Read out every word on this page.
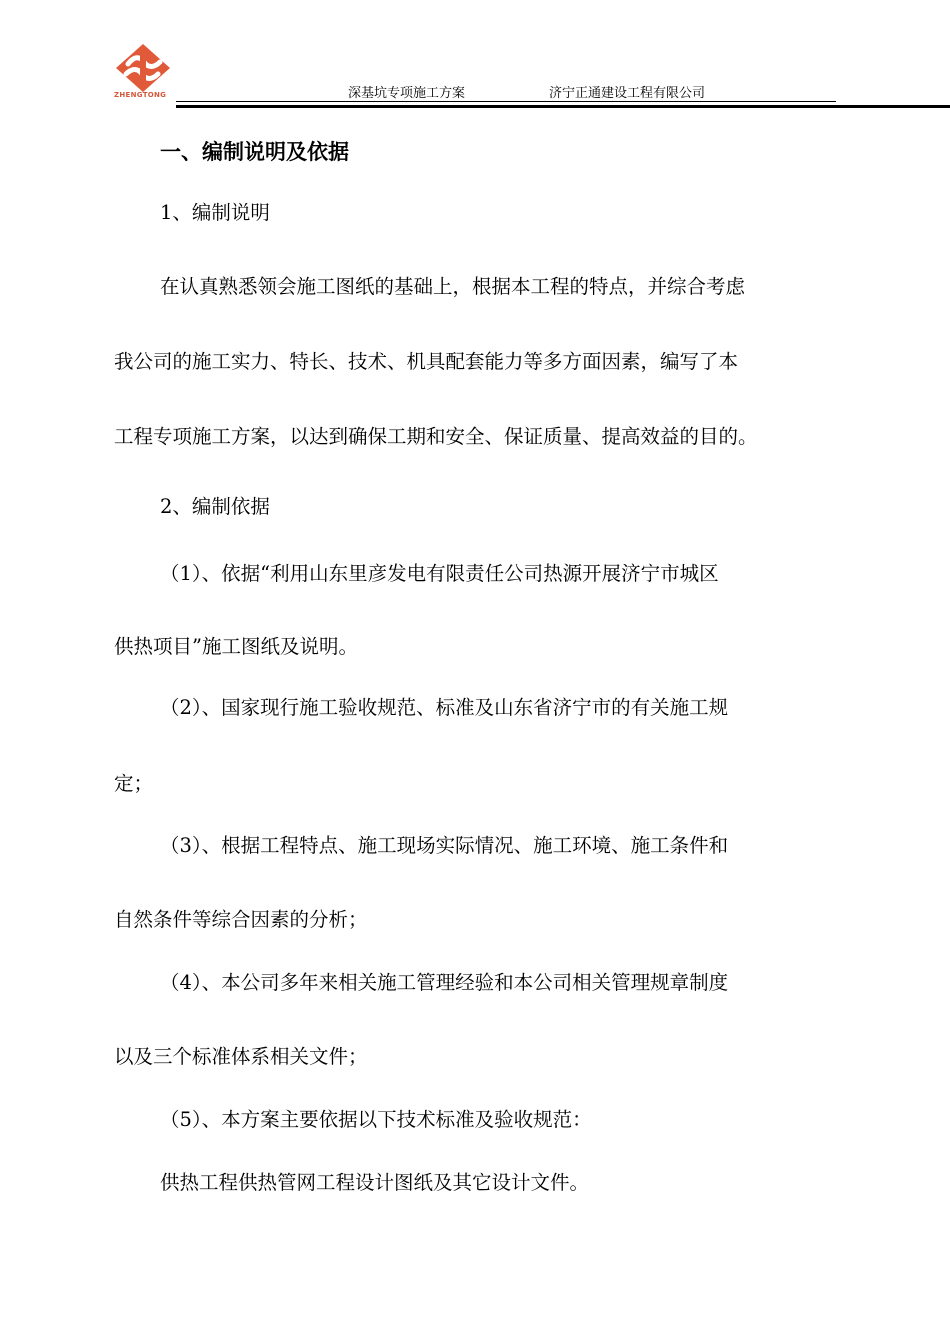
ZHENGTONG	深基坑专项施工方案	济宁正通建设工程有限公司
一、编制说明及依据
1、编制说明
在认真熟悉领会施工图纸的基础上，根据本工程的特点，并综合考虑
我公司的施工实力、特长、技术、机具配套能力等多方面因素，编写了本
工程专项施工方案，以达到确保工期和安全、保证质量、提高效益的目的。
2、编制依据
（1）、依据“利用山东里彦发电有限责任公司热源开展济宁市城区
供热项目”施工图纸及说明。
（2）、国家现行施工验收规范、标准及山东省济宁市的有关施工规
定；
（3）、根据工程特点、施工现场实际情况、施工环境、施工条件和
自然条件等综合因素的分析；
（4）、本公司多年来相关施工管理经验和本公司相关管理规章制度
以及三个标准体系相关文件；
（5）、本方案主要依据以下技术标准及验收规范：
供热工程供热管网工程设计图纸及其它设计文件。
